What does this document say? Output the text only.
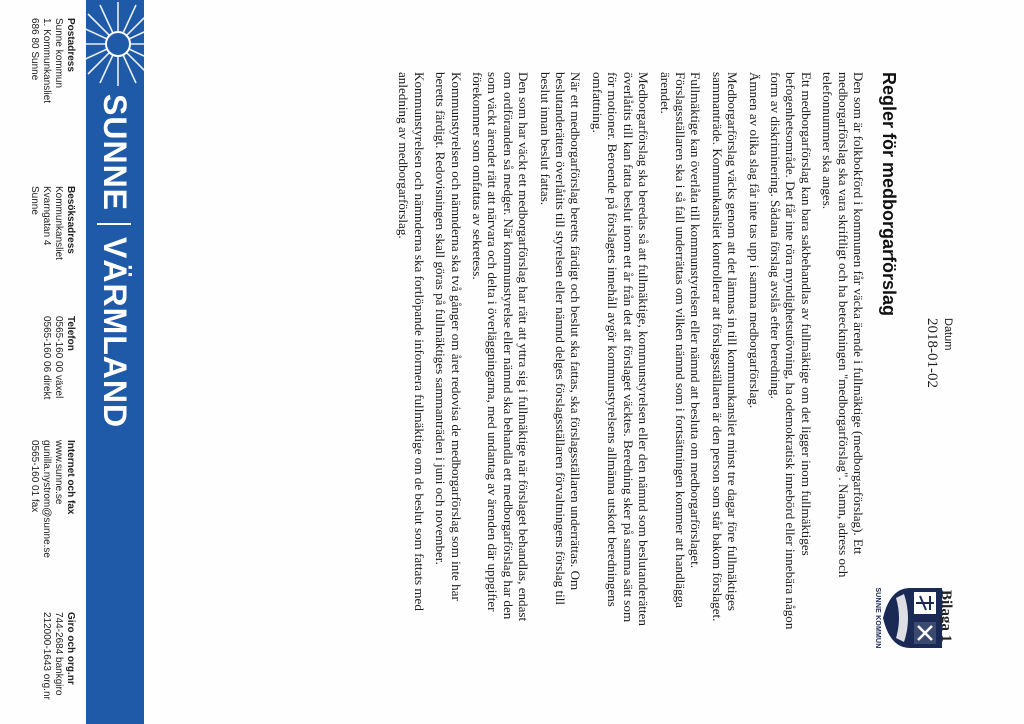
SUNNE KOMMUN
Datum
2018-01-02
Bilaga 1
Regler för medborgarförslag

Den som är folkbokförd i kommunen får väcka ärende i fullmäktige (medborgarförslag). Ett medborgarförslag ska vara skriftligt och ha beteckningen "medborgarförslag". Namn, adress och telefonnummer ska anges.

Ett medborgarförslag kan bara sakbehandlas av fullmäktige om det ligger inom fullmäktiges befogenhetsområde. Det får inte röra myndighetsutövning, ha odemokratisk innebörd eller innebära någon form av diskriminering. Sådana förslag avslås efter beredning.

Ämnen av olika slag får inte tas upp i samma medborgarförslag.

Medborgarförslag väcks genom att det lämnas in till kommunkansliet minst tre dagar före fullmäktiges sammanträde. Kommunkansliet kontrollerar att förslagsställaren är den person som står bakom förslaget.

Fullmäktige kan överlåta till kommunstyrelsen eller nämnd att besluta om medborgarförslaget. Förslagsställaren ska i så fall underrättas om vilken nämnd som i fortsättningen kommer att handlägga ärendet.

Medborgarförslag ska beredas så att fullmäktige, kommunstyrelsen eller den nämnd som beslutanderätten överlåtits till kan fatta beslut inom ett år från det att förslaget väcktes. Beredning sker på samma sätt som för motioner. Beroende på förslagets innehåll avgör kommunstyrelsens allmänna utskott beredningens omfattning.

När ett medborgarförslag beretts färdigt och beslut ska fattas, ska förslagsställaren underrättas. Om beslutanderätten överlåtits till styrelsen eller nämnd delges förslagsställaren förvaltningens förslag till beslut innan beslut fattas.

Den som har väckt ett medborgarförslag har rätt att yttra sig i fullmäktige när förslaget behandlas, endast om ordföranden så medger. När kommunstyrelse eller nämnd ska behandla ett medborgarförslag har den som väckt ärendet rätt att närvara och delta i överläggningarna, med undantag av ärenden där uppgifter förekommer som omfattas av sekretess.

Kommunstyrelsen och nämnderna ska två gånger om året redovisa de medborgarförslag som inte har beretts färdigt. Redovisningen skall göras på fullmäktiges sammanträden i juni och november.

Kommunstyrelsen och nämnderna ska fortlöpande informera fullmäktige om de beslut som fattats med anledning av medborgarförslag.

SUNNE
VÄRMLAND
Postadress
Sunne kommun
1. Kommunkansliet
686 80 Sunne
Besöksadress
Kommunkansliet
Kvarngatan 4
Sunne
Telefon
0565-160 00 växel
0565-160 06 direkt
Internet och fax
www.sunne.se
gunilla.nystrom@sunne.se
0565-160 01 fax
Giro och org.nr
744-2684 bankgiro
212000-1643 org.nr
